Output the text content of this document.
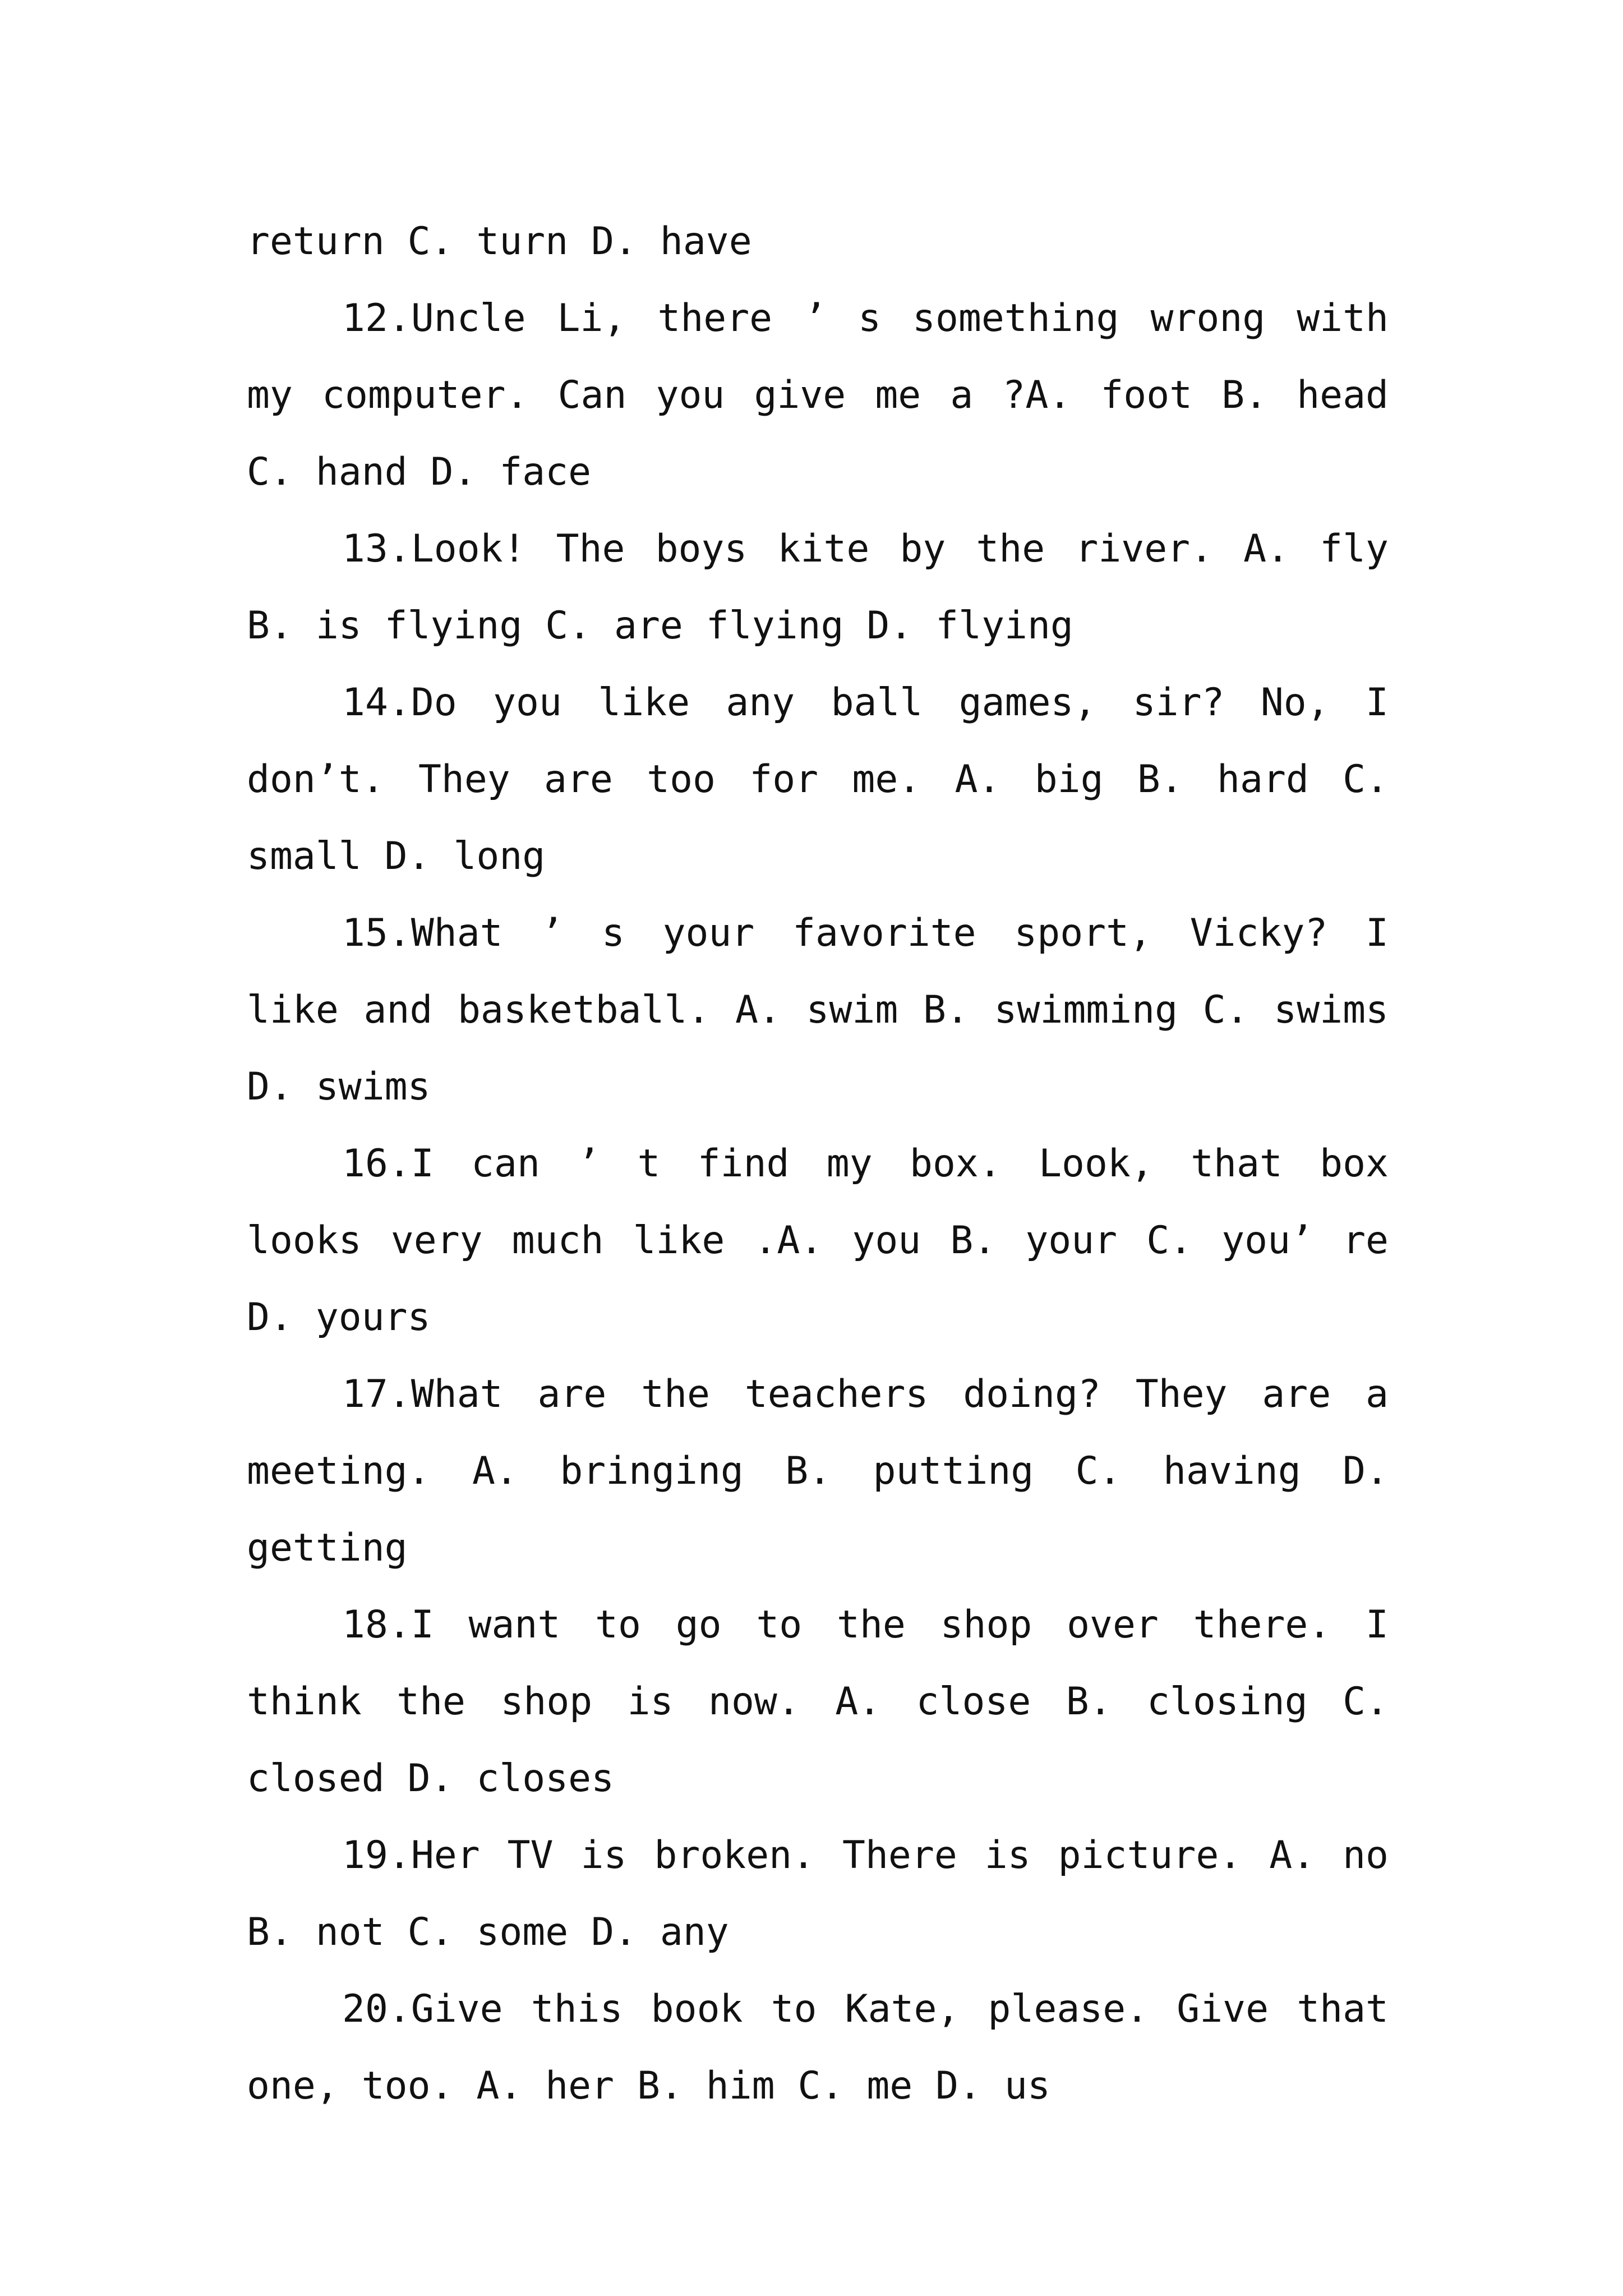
return C. turn D. have

12.Uncle Li, there ’ s something wrong with my computer. Can you give me a ?A. foot B. head C. hand D. face

13.Look! The boys kite by the river. A. fly B. is flying C. are flying D. flying

14.Do you like any ball games, sir? No, I don’t. They are too for me. A. big B. hard C. small D. long

15.What ’ s your favorite sport, Vicky? I like and basketball. A. swim B. swimming C. swims D. swims

16.I can ’ t find my box. Look, that box looks very much like .A. you B. your C. you’ re D. yours

17.What are the teachers doing? They are a meeting. A. bringing B. putting C. having D. getting

18.I want to go to the shop over there. I think the shop is now. A. close B. closing C. closed D. closes

19.Her TV is broken. There is picture. A. no B. not C. some D. any

20.Give this book to Kate, please. Give that one, too. A. her B. him C. me D. us
